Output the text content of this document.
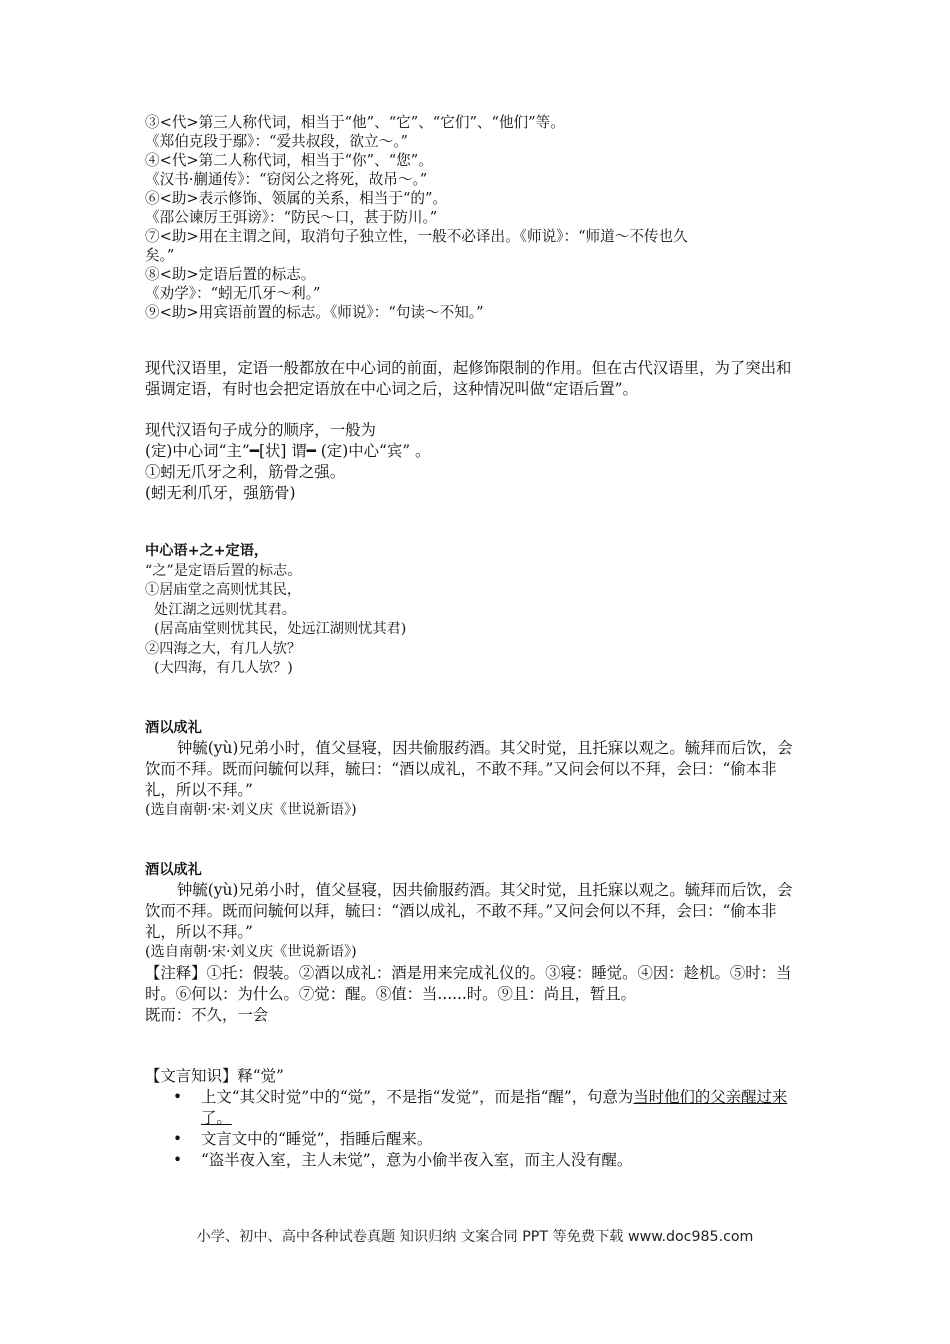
③<代>第三人称代词，相当于“他”、“它”、“它们”、“他们”等。
《郑伯克段于鄢》：“爱共叔段，欲立～。”
④<代>第二人称代词，相当于“你”、“您”。
《汉书·蒯通传》：“窃闵公之将死，故吊～。”
⑥<助>表示修饰、领属的关系，相当于“的”。
《邵公谏厉王弭谤》：“防民～口，甚于防川。”
⑦<助>用在主谓之间，取消句子独立性，一般不必译出。《师说》：“师道～不传也久
矣。”
⑧<助>定语后置的标志。
《劝学》：“蚓无爪牙～利。”
⑨<助>用宾语前置的标志。《师说》：“句读～不知。”
现代汉语里，定语一般都放在中心词的前面，起修饰限制的作用。但在古代汉语里，为了突出和强调定语，有时也会把定语放在中心词之后，这种情况叫做“定语后置”。
现代汉语句子成分的顺序，一般为
(定)中心词“主”━[状] 谓━ (定)中心“宾” 。
①蚓无爪牙之利，筋骨之强。
(蚓无利爪牙，强筋骨)
中心语+之+定语，
“之”是定语后置的标志。
①居庙堂之高则忧其民，
处江湖之远则忧其君。
(居高庙堂则忧其民，处远江湖则忧其君)
②四海之大，有几人欤？
(大四海，有几人欤？)
酒以成礼
钟毓(yù)兄弟小时，值父昼寝，因共偷服药酒。其父时觉，且托寐以观之。毓拜而后饮，会饮而不拜。既而问毓何以拜，毓曰：“酒以成礼，不敢不拜。”又问会何以不拜，会曰：“偷本非礼，所以不拜。”
(选自南朝·宋·刘义庆《世说新语》)
酒以成礼
钟毓(yù)兄弟小时，值父昼寝，因共偷服药酒。其父时觉，且托寐以观之。毓拜而后饮，会饮而不拜。既而问毓何以拜，毓曰：“酒以成礼，不敢不拜。”又问会何以不拜，会曰：“偷本非礼，所以不拜。”
(选自南朝·宋·刘义庆《世说新语》)
【注释】①托：假装。②酒以成礼：酒是用来完成礼仪的。③寝：睡觉。④因：趁机。⑤时：当时。⑥何以：为什么。⑦觉：醒。⑧值：当......时。⑨且：尚且，暂且。
既而：不久，一会
【文言知识】释“觉”
• 上文“其父时觉”中的“觉”，不是指“发觉”，而是指“醒”，句意为当时他们的父亲醒过来了。
• 文言文中的“睡觉”，指睡后醒来。
• “盗半夜入室，主人未觉”，意为小偷半夜入室，而主人没有醒。
小学、初中、高中各种试卷真题 知识归纳 文案合同 PPT 等免费下载 www.doc985.com
